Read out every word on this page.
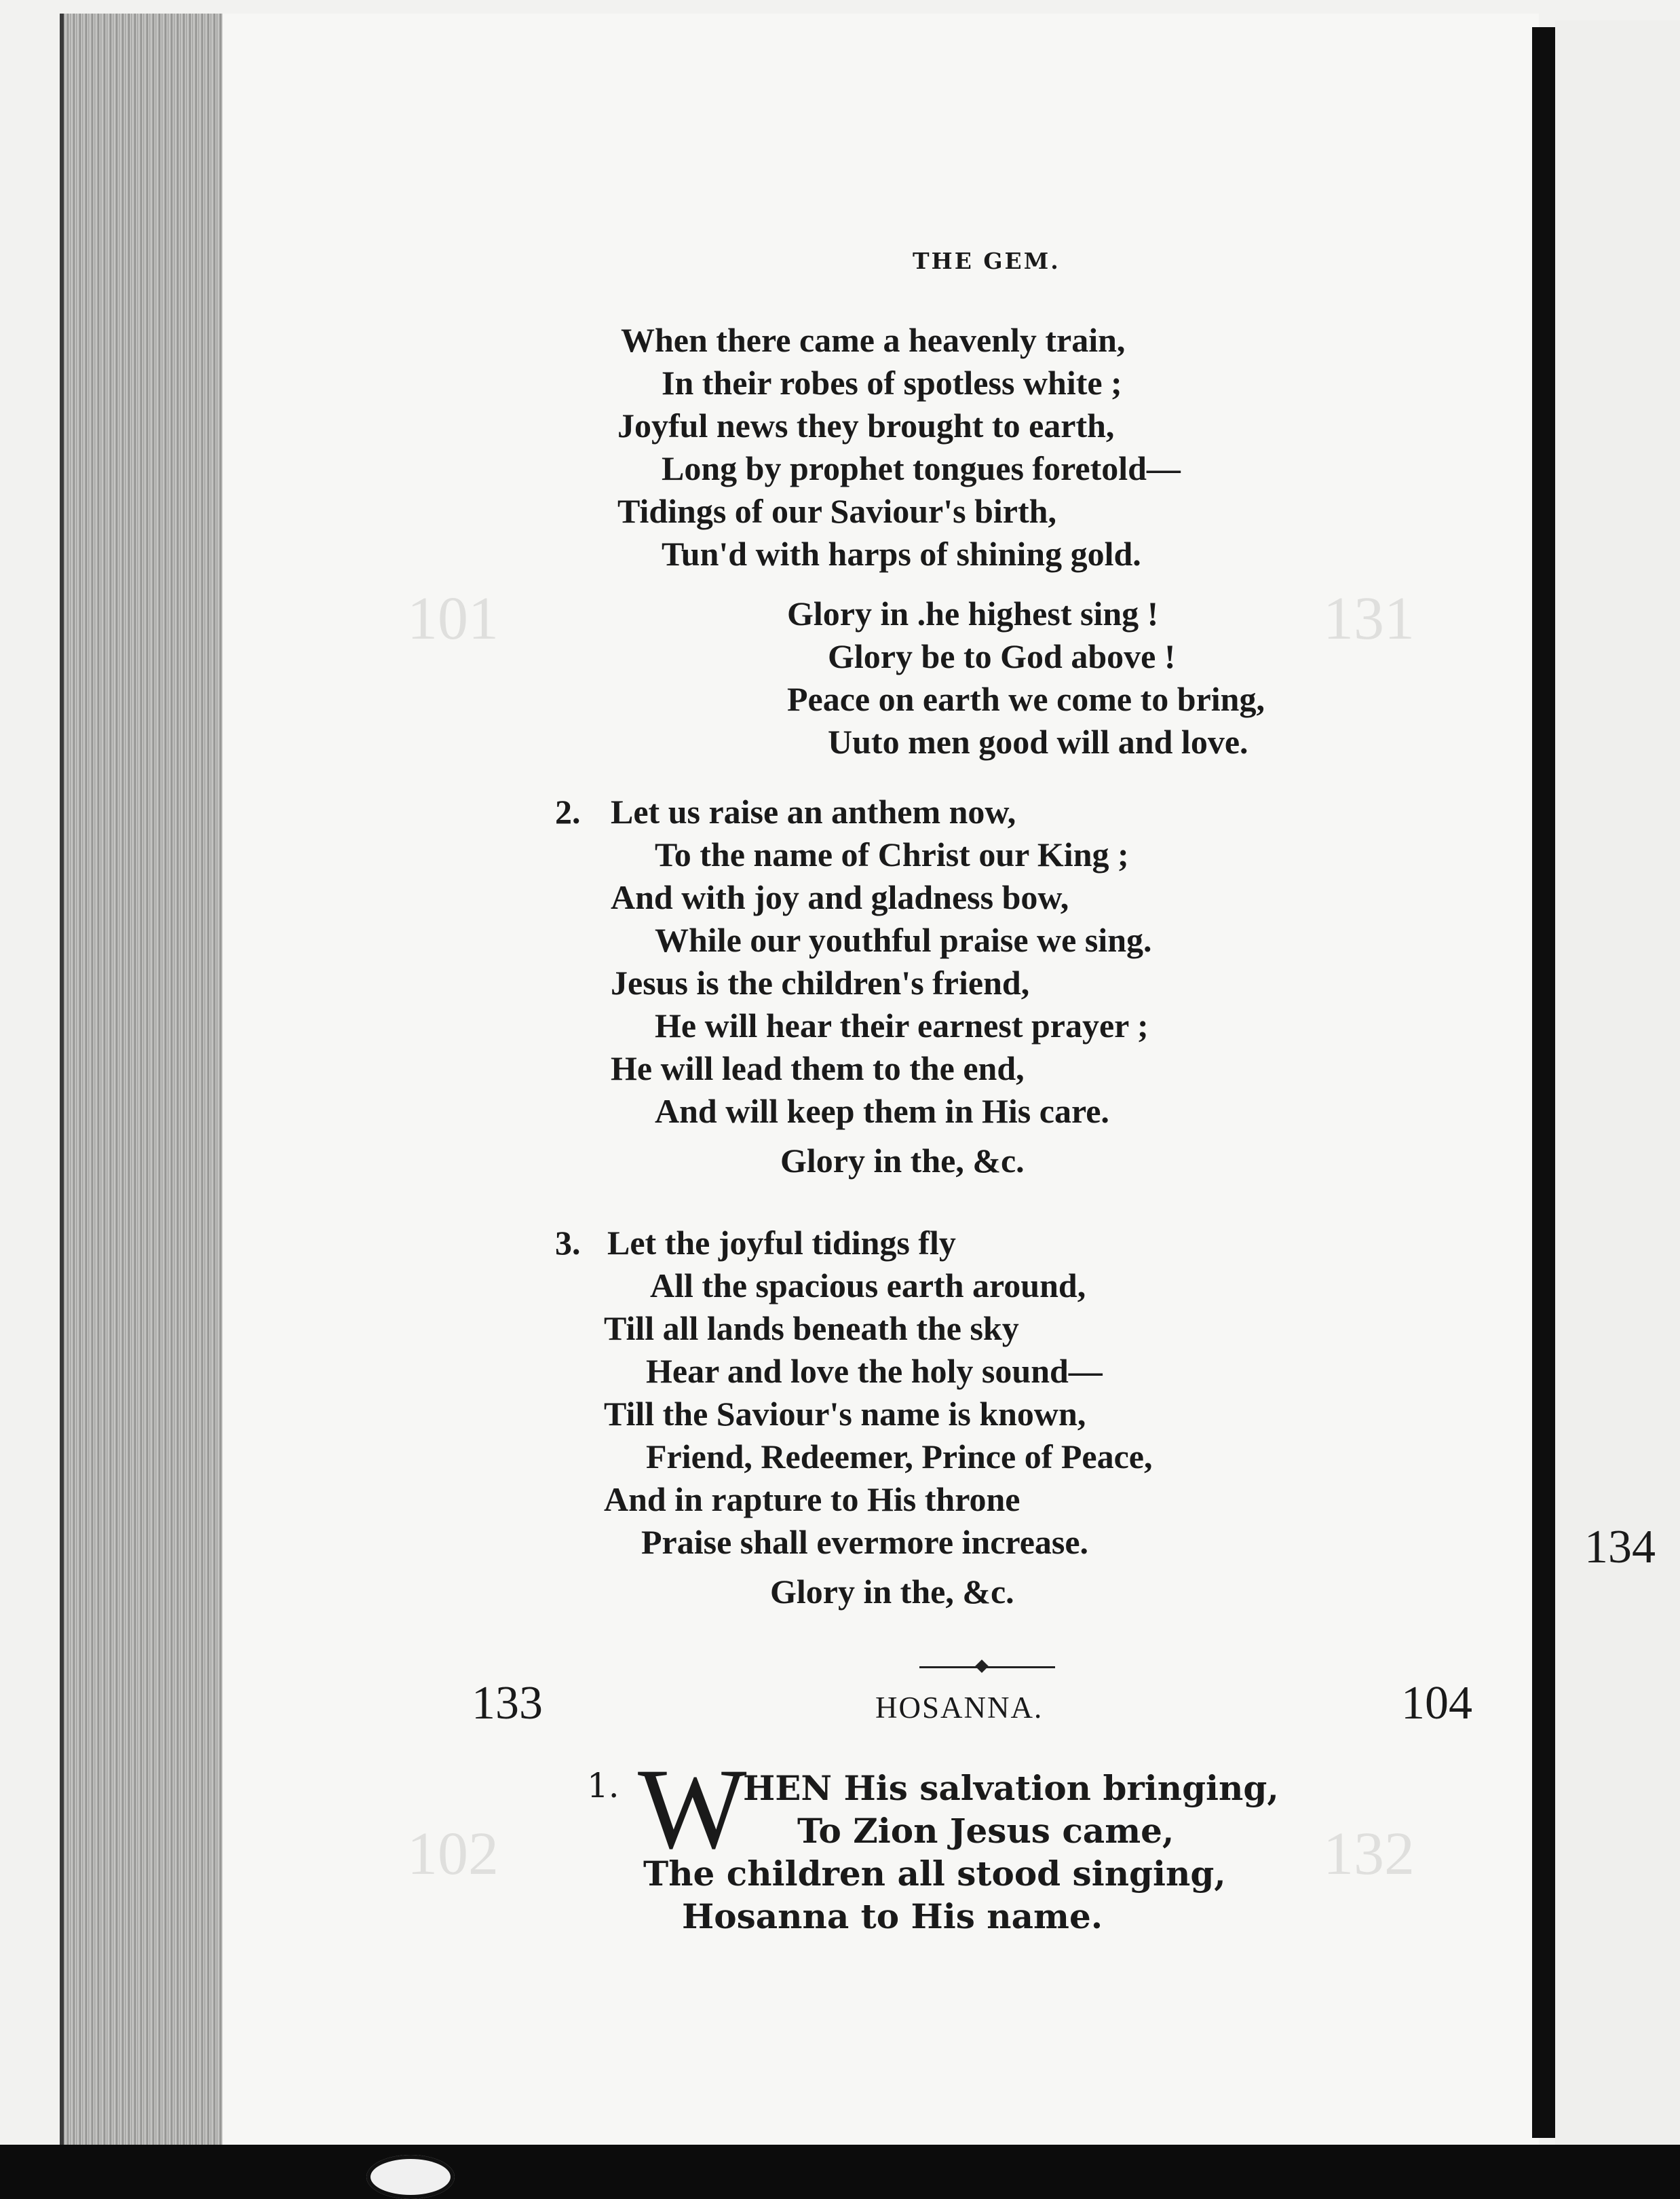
131
101
132
102
THE GEM.
When there came a heavenly train,
In their robes of spotless white ;
Joyful news they brought to earth,
Long by prophet tongues foretold—
Tidings of our Saviour's birth,
Tun'd with harps of shining gold.
Glory in .he highest sing !
Glory be to God above !
Peace on earth we come to bring,
Uuto men good will and love.
2. Let us raise an anthem now,
To the name of Christ our King ;
And with joy and gladness bow,
While our youthful praise we sing.
Jesus is the children's friend,
He will hear their earnest prayer ;
He will lead them to the end,
And will keep them in His care.
Glory in the, &c.
3. Let the joyful tidings fly
All the spacious earth around,
Till all lands beneath the sky
Hear and love the holy sound—
Till the Saviour's name is known,
Friend, Redeemer, Prince of Peace,
And in rapture to His throne
Praise shall evermore increase.
Glory in the, &c.
133	HOSANNA.	104
1. W
HEN His salvation bringing,
To Zion Jesus came,
The children all stood singing,
Hosanna to His name.
134
